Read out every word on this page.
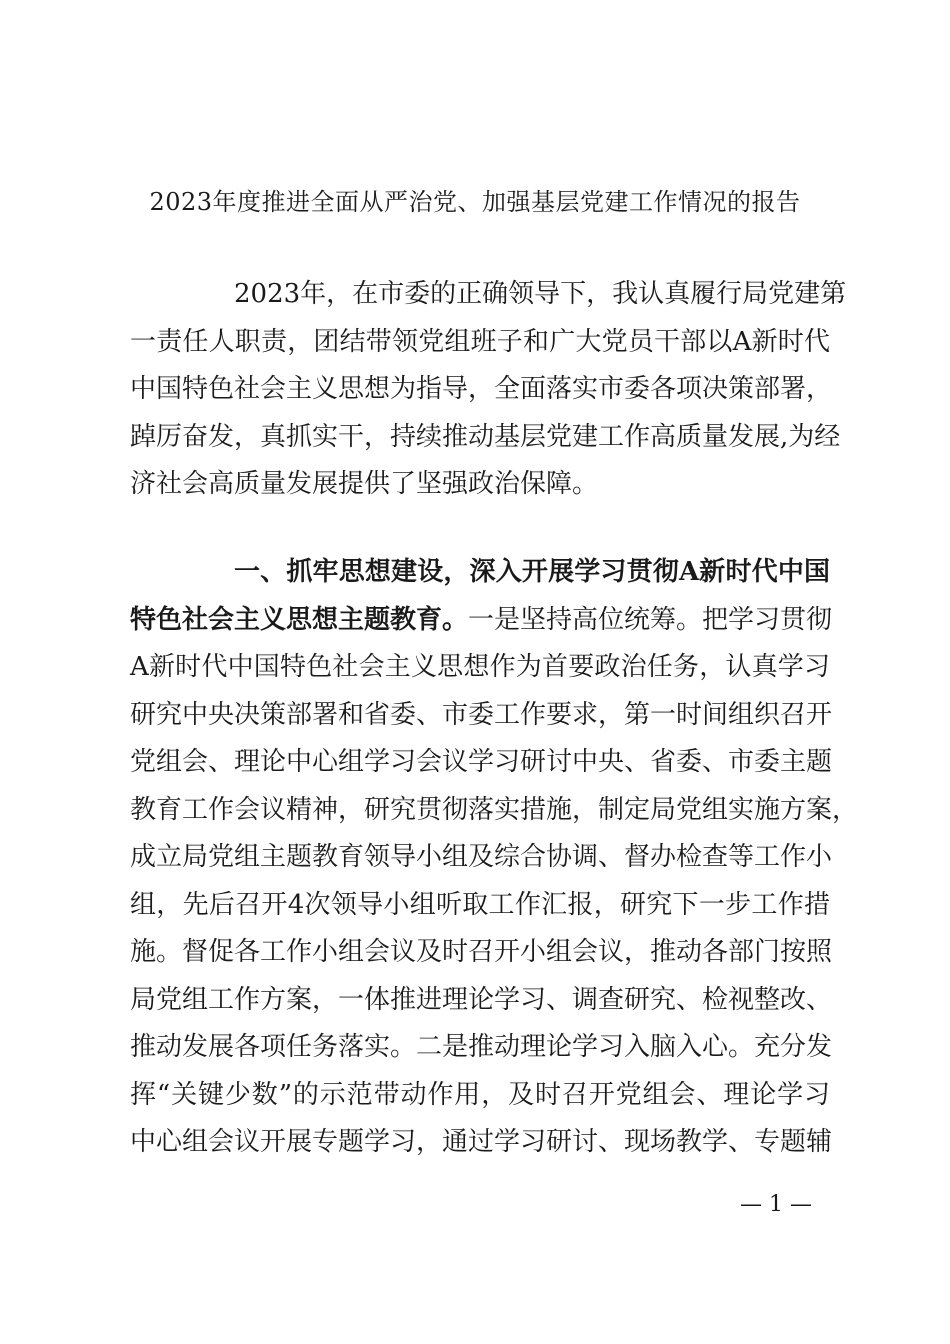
2023年度推进全面从严治党、加强基层党建工作情况的报告
2023年，在市委的正确领导下，我认真履行局党建第
一责任人职责，团结带领党组班子和广大党员干部以A新时代
中国特色社会主义思想为指导，全面落实市委各项决策部署，
踔厉奋发，真抓实干，持续推动基层党建工作高质量发展,为经
济社会高质量发展提供了坚强政治保障。
一、抓牢思想建设，深入开展学习贯彻A新时代中国
特色社会主义思想主题教育。一是坚持高位统筹。把学习贯彻
A新时代中国特色社会主义思想作为首要政治任务，认真学习
研究中央决策部署和省委、市委工作要求，第一时间组织召开
党组会、理论中心组学习会议学习研讨中央、省委、市委主题
教育工作会议精神，研究贯彻落实措施，制定局党组实施方案，
成立局党组主题教育领导小组及综合协调、督办检查等工作小
组，先后召开4次领导小组听取工作汇报，研究下一步工作措
施。督促各工作小组会议及时召开小组会议，推动各部门按照
局党组工作方案，一体推进理论学习、调查研究、检视整改、
推动发展各项任务落实。二是推动理论学习入脑入心。充分发
挥“关键少数”的示范带动作用，及时召开党组会、理论学习
中心组会议开展专题学习，通过学习研讨、现场教学、专题辅
— 1 —
